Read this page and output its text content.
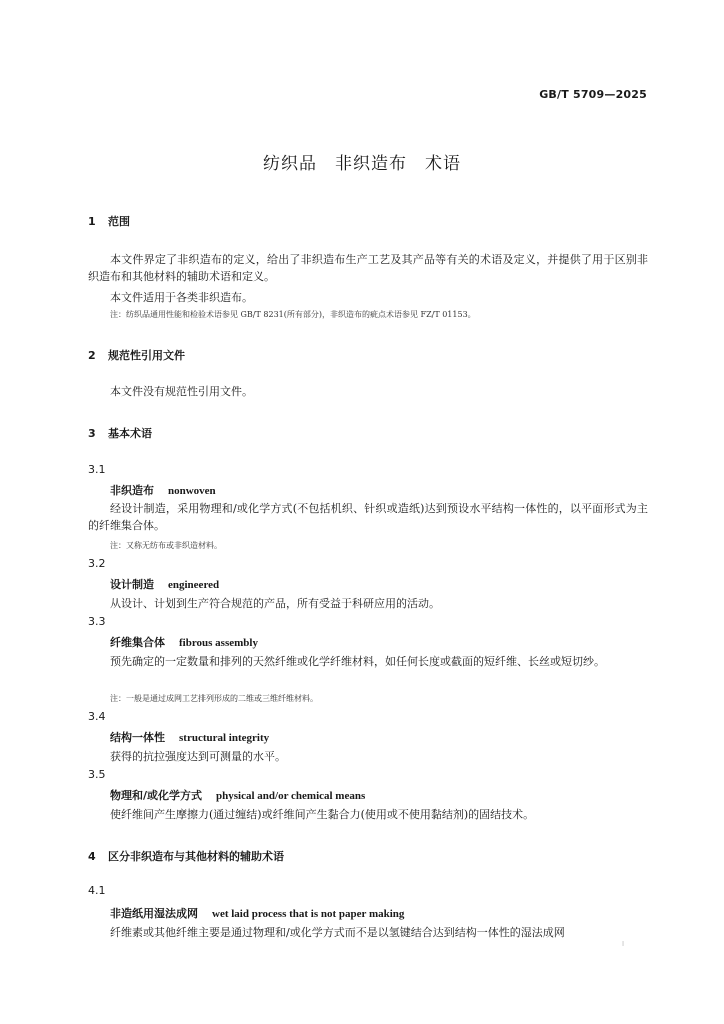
GB/T 5709—2025
纺织品　非织造布　术语
1 范围
本文件界定了非织造布的定义，给出了非织造布生产工艺及其产品等有关的术语及定义，并提供了用于区别非织造布和其他材料的辅助术语和定义。
本文件适用于各类非织造布。
注：纺织品通用性能和检验术语参见 GB/T 8231(所有部分)，非织造布的疵点术语参见 FZ/T 01153。
2 规范性引用文件
本文件没有规范性引用文件。
3 基本术语
3.1
非织造布 nonwoven
经设计制造，采用物理和/或化学方式(不包括机织、针织或造纸)达到预设水平结构一体性的，以平面形式为主的纤维集合体。
注：又称无纺布或非织造材料。
3.2
设计制造 engineered
从设计、计划到生产符合规范的产品，所有受益于科研应用的活动。
3.3
纤维集合体 fibrous assembly
预先确定的一定数量和排列的天然纤维或化学纤维材料，如任何长度或截面的短纤维、长丝或短切纱。
注：一般是通过成网工艺排列形成的二维或三维纤维材料。
3.4
结构一体性 structural integrity
获得的抗拉强度达到可测量的水平。
3.5
物理和/或化学方式 physical and/or chemical means
使纤维间产生摩擦力(通过缠结)或纤维间产生黏合力(使用或不使用黏结剂)的固结技术。
4 区分非织造布与其他材料的辅助术语
4.1
非造纸用湿法成网 wet laid process that is not paper making
纤维素或其他纤维主要是通过物理和/或化学方式而不是以氢键结合达到结构一体性的湿法成网
I
